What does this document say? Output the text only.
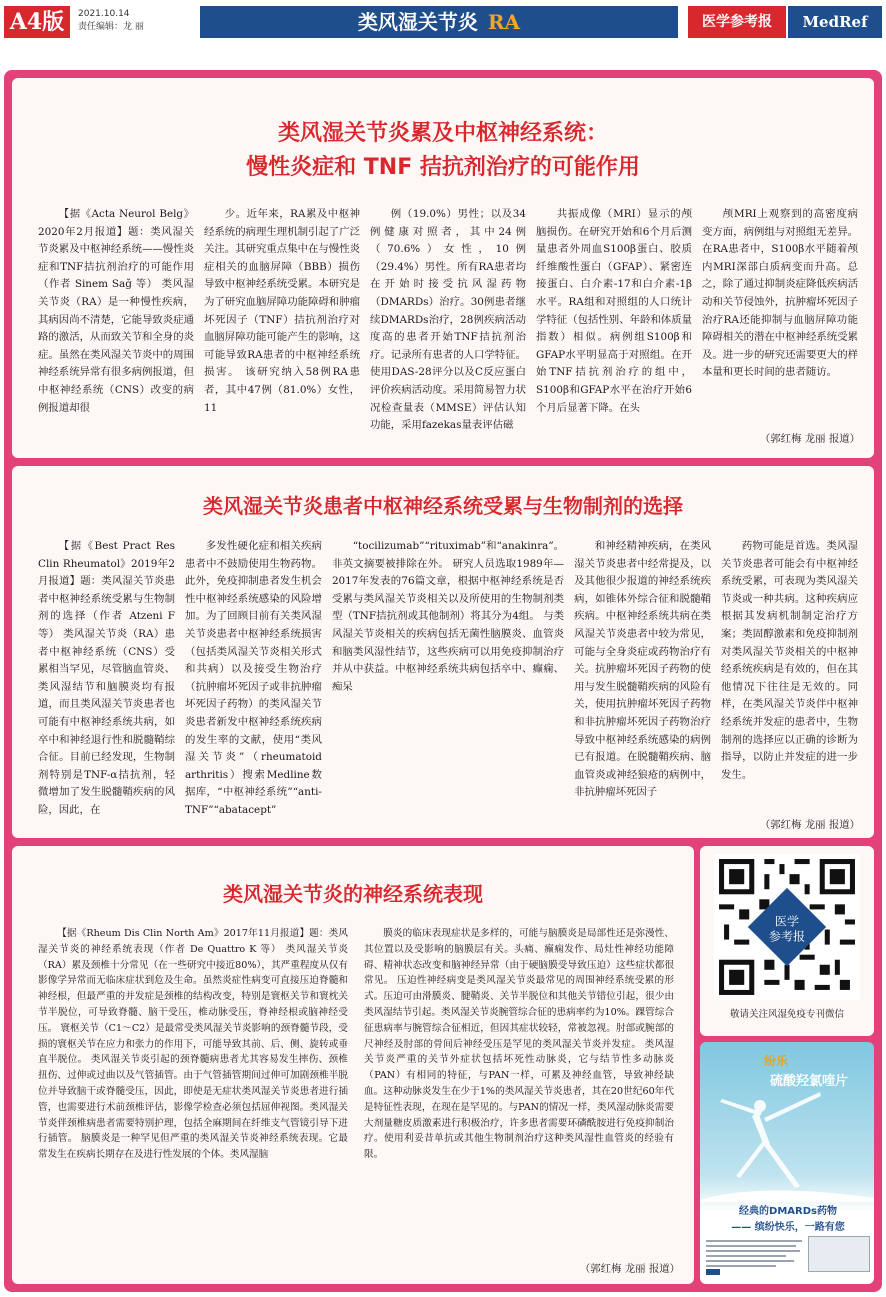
A4版	2021.10.14
责任编辑：龙 丽	类风湿关节炎 RA	医学参考报	MedRef
类风湿关节炎累及中枢神经系统：
慢性炎症和 TNF 拮抗剂治疗的可能作用

【据《Acta Neurol Belg》2020年2月报道】题：类风湿关节炎累及中枢神经系统——慢性炎症和TNF拮抗剂治疗的可能作用（作者 Sinem Sağ 等） 类风湿关节炎（RA）是一种慢性疾病，其病因尚不清楚，它能导致炎症通路的激活，从而致关节和全身的炎症。虽然在类风湿关节炎中的周围神经系统异常有很多病例报道，但中枢神经系统（CNS）改变的病例报道却很

少。近年来，RA累及中枢神经系统的病理生理机制引起了广泛关注。其研究重点集中在与慢性炎症相关的血脑屏障（BBB）损伤导致中枢神经系统受累。本研究是为了研究血脑屏障功能障碍和肿瘤坏死因子（TNF）拮抗剂治疗对血脑屏障功能可能产生的影响，这可能导致RA患者的中枢神经系统损害。 该研究纳入58例RA患者，其中47例（81.0%）女性，11

例（19.0%）男性；以及34例健康对照者，其中24例（70.6%）女性，10例（29.4%）男性。所有RA患者均在开始时接受抗风湿药物（DMARDs）治疗。30例患者继续DMARDs治疗，28例疾病活动度高的患者开始TNF拮抗剂治疗。记录所有患者的人口学特征。使用DAS-28评分以及C反应蛋白评价疾病活动度。采用简易智力状况检查量表（MMSE）评估认知功能，采用fazekas量表评估磁

共振成像（MRI）显示的颅脑损伤。在研究开始和6个月后测量患者外周血S100β蛋白、胶质纤维酸性蛋白（GFAP）、紧密连接蛋白、白介素-17和白介素-1β水平。RA组和对照组的人口统计学特征（包括性别、年龄和体质量指数）相似。病例组S100β和GFAP水平明显高于对照组。在开始TNF拮抗剂治疗的组中，S100β和GFAP水平在治疗开始6个月后显著下降。在头

颅MRI上观察到的高密度病变方面，病例组与对照组无差异。在RA患者中，S100β水平随着颅内MRI深部白质病变而升高。总之，除了通过抑制炎症降低疾病活动和关节侵蚀外，抗肿瘤坏死因子治疗RA还能抑制与血脑屏障功能障碍相关的潜在中枢神经系统受累及。进一步的研究还需要更大的样本量和更长时间的患者随访。

（郭红梅 龙丽 报道）
类风湿关节炎患者中枢神经系统受累与生物制剂的选择

【据《Best Pract Res Clin Rheumatol》2019年2月报道】题：类风湿关节炎患者中枢神经系统受累与生物制剂的选择（作者 Atzeni F 等） 类风湿关节炎（RA）患者中枢神经系统（CNS）受累相当罕见，尽管脑血管炎、类风湿结节和脑膜炎均有报道，而且类风湿关节炎患者也可能有中枢神经系统共病，如卒中和神经退行性和脱髓鞘综合征。目前已经发现，生物制剂特别是TNF-α拮抗剂，轻微增加了发生脱髓鞘疾病的风险，因此，在

多发性硬化症和相关疾病患者中不鼓励使用生物药物。此外，免疫抑制患者发生机会性中枢神经系统感染的风险增加。为了回顾目前有关类风湿关节炎患者中枢神经系统损害（包括类风湿关节炎相关形式和共病）以及接受生物治疗（抗肿瘤坏死因子或非抗肿瘤坏死因子药物）的类风湿关节炎患者新发中枢神经系统疾病的发生率的文献，使用“类风湿关节炎”（rheumatoid arthritis）搜索Medline数据库，“中枢神经系统”“anti-TNF”“abatacept”

“tocilizumab”“rituximab”和“anakinra”。非英文摘要被排除在外。 研究人员选取1989年—2017年发表的76篇文章，根据中枢神经系统是否受累与类风湿关节炎相关以及所使用的生物制剂类型（TNF拮抗剂或其他制剂）将其分为4组。 与类风湿关节炎相关的疾病包括无菌性脑膜炎、血管炎和脑类风湿性结节，这些疾病可以用免疫抑制治疗并从中获益。中枢神经系统共病包括卒中、癫痫、痴呆

和神经精神疾病，在类风湿关节炎患者中经常提及，以及其他很少报道的神经系统疾病，如锥体外综合征和脱髓鞘疾病。中枢神经系统共病在类风湿关节炎患者中较为常见，可能与全身炎症或药物治疗有关。抗肿瘤坏死因子药物的使用与发生脱髓鞘疾病的风险有关，使用抗肿瘤坏死因子药物和非抗肿瘤坏死因子药物治疗导致中枢神经系统感染的病例已有报道。在脱髓鞘疾病、脑血管炎或神经狼疮的病例中，非抗肿瘤坏死因子

药物可能是首选。类风湿关节炎患者可能会有中枢神经系统受累，可表现为类风湿关节炎或一种共病。这种疾病应根据其发病机制制定治疗方案；类固醇激素和免疫抑制剂对类风湿关节炎相关的中枢神经系统疾病是有效的，但在其他情况下往往是无效的。同样，在类风湿关节炎伴中枢神经系统并发症的患者中，生物制剂的选择应以正确的诊断为指导，以防止并发症的进一步发生。

（郭红梅 龙丽 报道）
类风湿关节炎的神经系统表现

【据《Rheum Dis Clin North Am》2017年11月报道】题：类风湿关节炎的神经系统表现（作者 De Quattro K 等） 类风湿关节炎（RA）累及颈椎十分常见（在一些研究中接近80%），其严重程度从仅有影像学异常而无临床症状到危及生命。虽然炎症性病变可直接压迫脊髓和神经根，但最严重的并发症是颈椎的结构改变，特别是寰枢关节和寰枕关节半脱位，可导致脊髓、脑干受压，椎动脉受压，脊神经根或脑神经受压。 寰枢关节（C1～C2）是最常受类风湿关节炎影响的颈脊髓节段，受损的寰枢关节在应力和张力的作用下，可能导致其前、后、侧、旋转或垂直半脱位。 类风湿关节炎引起的颈脊髓病患者尤其容易发生摔伤、颈椎扭伤、过伸或过曲以及气管插管。由于气管插管期间过伸可加剧颈椎半脱位并导致脑干或脊髓受压，因此，即使是无症状类风湿关节炎患者进行插管，也需要进行术前颈椎评估，影像学检查必须包括屈伸视图。类风湿关节炎伴颈椎病患者需要特别护理，包括全麻期间在纤维支气管镜引导下进行插管。 脑膜炎是一种罕见但严重的类风湿关节炎神经系统表现。它最常发生在疾病长期存在及进行性发展的个体。类风湿脑

膜炎的临床表现症状是多样的，可能与脑膜炎是局部性还是弥漫性、其位置以及受影响的脑膜层有关。头痛、癫痫发作、局灶性神经功能障碍、精神状态改变和脑神经异常（由于硬脑膜受导致压迫）这些症状都很常见。 压迫性神经病变是类风湿关节炎最常见的周围神经系统受累的形式。压迫可由滑膜炎、腱鞘炎、关节半脱位和其他关节错位引起，很少由类风湿结节引起。类风湿关节炎腕管综合征的患病率约为10%。踝管综合征患病率与腕管综合征相近，但因其症状较轻，常被忽视。肘部或腕部的尺神经及肘部的骨间后神经受压是罕见的类风湿关节炎并发症。 类风湿关节炎严重的关节外症状包括坏死性动脉炎，它与结节性多动脉炎（PAN）有相同的特征，与PAN一样，可累及神经血管，导致神经缺血。这种动脉炎发生在少于1%的类风湿关节炎患者，其在20世纪60年代是特征性表现，在现在是罕见的。与PAN的情况一样，类风湿动脉炎需要大剂量糖皮质激素进行积极治疗，许多患者需要环磷酰胺进行免疫抑制治疗。使用利妥昔单抗或其他生物制剂治疗这种类风湿性血管炎的经验有限。

（郭红梅 龙丽 报道）
医学
参考报
敬请关注风湿免疫专刊微信
纷乐
硫酸羟氯喹片
经典的DMARDs药物
—— 缤纷快乐，一路有您
